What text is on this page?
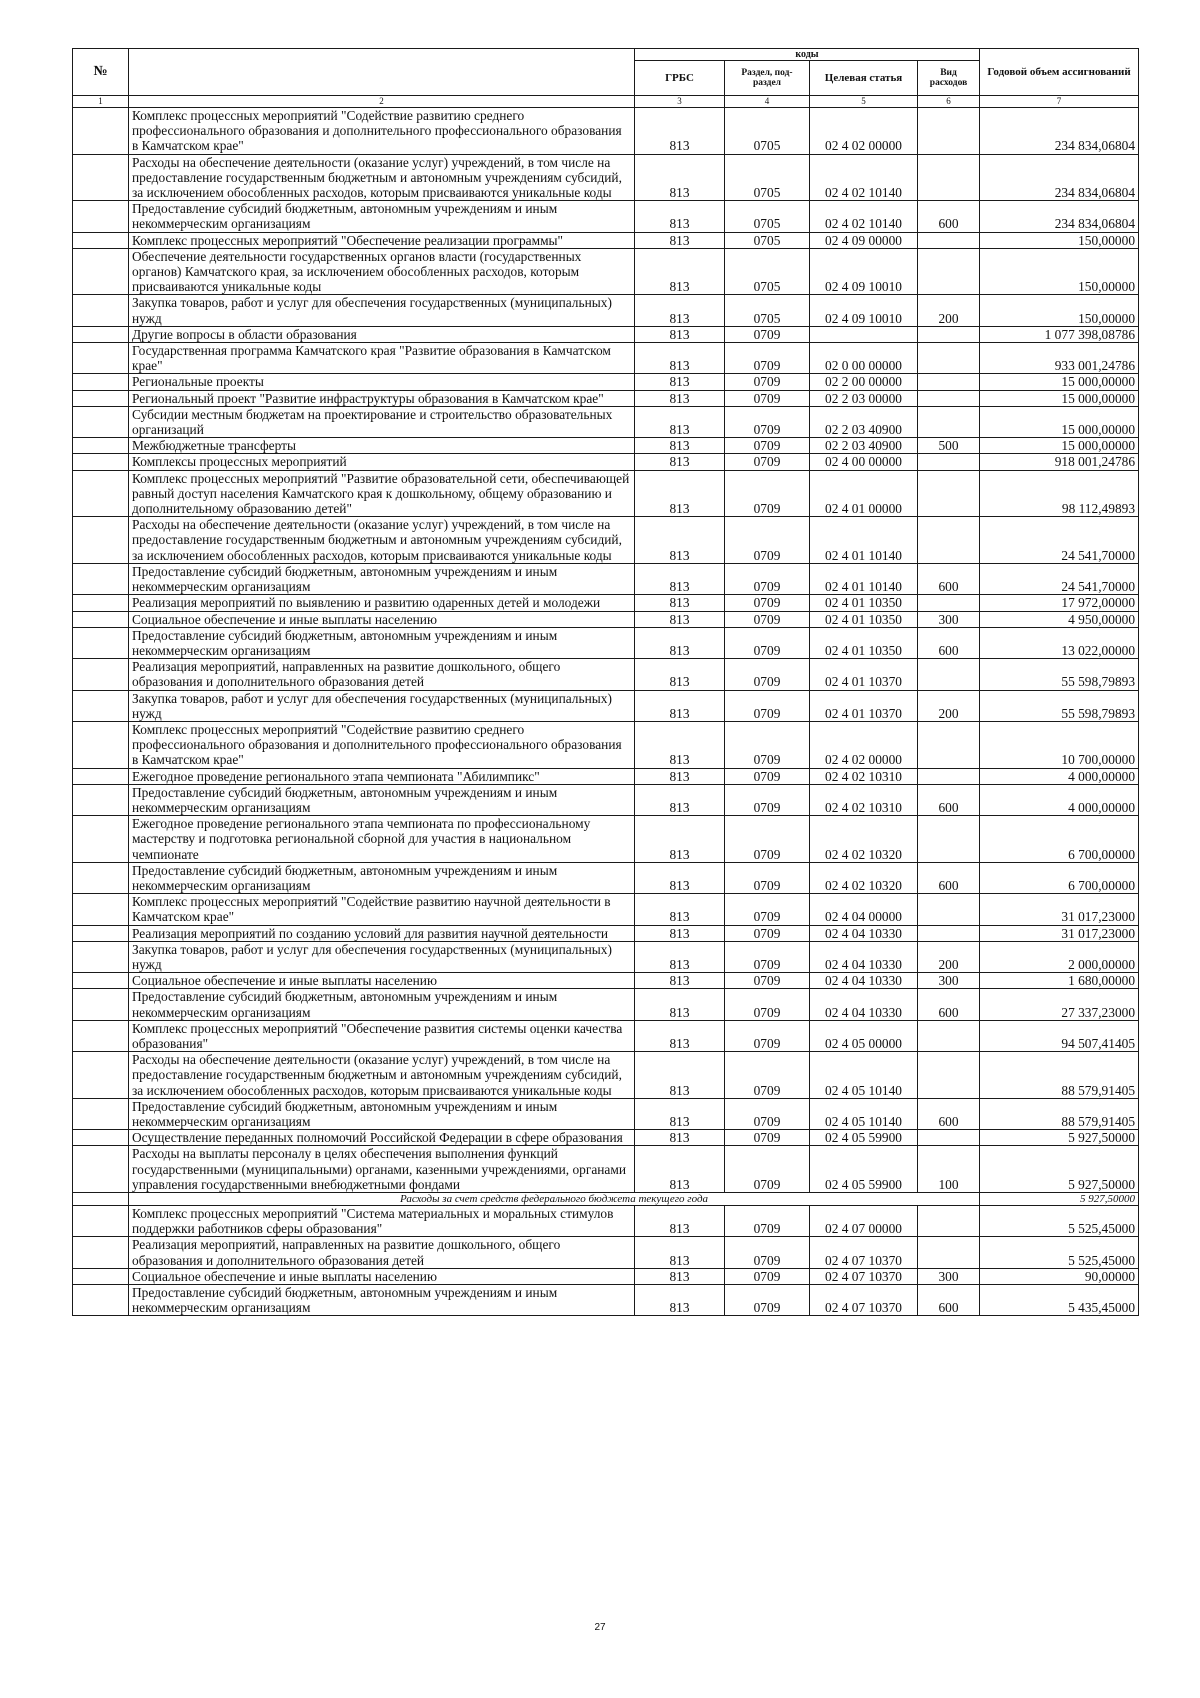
№		коды				Годовой объем ассигнований
		ГРБС	Раздел, под-раздел	Целевая статья	Вид расходов	
1	2	3	4	5	6	7
	Комплекс процессных мероприятий "Содействие развитию среднего профессионального образования и дополнительного профессионального образования в Камчатском крае"	813	0705	02 4 02 00000		234 834,06804
	Расходы на обеспечение деятельности (оказание услуг) учреждений, в том числе на предоставление государственным бюджетным и автономным учреждениям субсидий, за исключением обособленных расходов, которым присваиваются уникальные коды	813	0705	02 4 02 10140		234 834,06804
	Предоставление субсидий бюджетным, автономным учреждениям и иным некоммерческим организациям	813	0705	02 4 02 10140	600	234 834,06804
	Комплекс процессных мероприятий "Обеспечение реализации программы"	813	0705	02 4 09 00000		150,00000
	Обеспечение деятельности государственных органов власти (государственных органов) Камчатского края, за исключением обособленных расходов, которым присваиваются уникальные коды	813	0705	02 4 09 10010		150,00000
	Закупка товаров, работ и услуг для обеспечения государственных (муниципальных) нужд	813	0705	02 4 09 10010	200	150,00000
	Другие вопросы в области образования	813	0709			1 077 398,08786
	Государственная программа Камчатского края "Развитие образования в Камчатском крае"	813	0709	02 0 00 00000		933 001,24786
	Региональные проекты	813	0709	02 2 00 00000		15 000,00000
	Региональный проект "Развитие инфраструктуры образования в Камчатском крае"	813	0709	02 2 03 00000		15 000,00000
	Субсидии местным бюджетам на проектирование и строительство образовательных организаций	813	0709	02 2 03 40900		15 000,00000
	Межбюджетные трансферты	813	0709	02 2 03 40900	500	15 000,00000
	Комплексы процессных мероприятий	813	0709	02 4 00 00000		918 001,24786
	Комплекс процессных мероприятий "Развитие образовательной сети, обеспечивающей равный доступ населения Камчатского края к дошкольному, общему образованию и дополнительному образованию детей"	813	0709	02 4 01 00000		98 112,49893
	Расходы на обеспечение деятельности (оказание услуг) учреждений, в том числе на предоставление государственным бюджетным и автономным учреждениям субсидий, за исключением обособленных расходов, которым присваиваются уникальные коды	813	0709	02 4 01 10140		24 541,70000
	Предоставление субсидий бюджетным, автономным учреждениям и иным некоммерческим организациям	813	0709	02 4 01 10140	600	24 541,70000
	Реализация мероприятий по выявлению и развитию одаренных детей и молодежи	813	0709	02 4 01 10350		17 972,00000
	Социальное обеспечение и иные выплаты населению	813	0709	02 4 01 10350	300	4 950,00000
	Предоставление субсидий бюджетным, автономным учреждениям и иным некоммерческим организациям	813	0709	02 4 01 10350	600	13 022,00000
	Реализация мероприятий, направленных на развитие дошкольного, общего образования и дополнительного образования детей	813	0709	02 4 01 10370		55 598,79893
	Закупка товаров, работ и услуг для обеспечения государственных (муниципальных) нужд	813	0709	02 4 01 10370	200	55 598,79893
	Комплекс процессных мероприятий "Содействие развитию среднего профессионального образования и дополнительного профессионального образования в Камчатском крае"	813	0709	02 4 02 00000		10 700,00000
	Ежегодное проведение регионального этапа чемпионата "Абилимпикс"	813	0709	02 4 02 10310		4 000,00000
	Предоставление субсидий бюджетным, автономным учреждениям и иным некоммерческим организациям	813	0709	02 4 02 10310	600	4 000,00000
	Ежегодное проведение регионального этапа чемпионата по профессиональному мастерству и подготовка региональной сборной для участия в национальном чемпионате	813	0709	02 4 02 10320		6 700,00000
	Предоставление субсидий бюджетным, автономным учреждениям и иным некоммерческим организациям	813	0709	02 4 02 10320	600	6 700,00000
	Комплекс процессных мероприятий "Содействие развитию научной деятельности в Камчатском крае"	813	0709	02 4 04 00000		31 017,23000
	Реализация мероприятий по созданию условий для развития научной деятельности	813	0709	02 4 04 10330		31 017,23000
	Закупка товаров, работ и услуг для обеспечения государственных (муниципальных) нужд	813	0709	02 4 04 10330	200	2 000,00000
	Социальное обеспечение и иные выплаты населению	813	0709	02 4 04 10330	300	1 680,00000
	Предоставление субсидий бюджетным, автономным учреждениям и иным некоммерческим организациям	813	0709	02 4 04 10330	600	27 337,23000
	Комплекс процессных мероприятий "Обеспечение развития системы оценки качества образования"	813	0709	02 4 05 00000		94 507,41405
	Расходы на обеспечение деятельности (оказание услуг) учреждений, в том числе на предоставление государственным бюджетным и автономным учреждениям субсидий, за исключением обособленных расходов, которым присваиваются уникальные коды	813	0709	02 4 05 10140		88 579,91405
	Предоставление субсидий бюджетным, автономным учреждениям и иным некоммерческим организациям	813	0709	02 4 05 10140	600	88 579,91405
	Осуществление переданных полномочий Российской Федерации в сфере образования	813	0709	02 4 05 59900		5 927,50000
	Расходы на выплаты персоналу в целях обеспечения выполнения функций государственными (муниципальными) органами, казенными учреждениями, органами управления государственными внебюджетными фондами	813	0709	02 4 05 59900	100	5 927,50000
	Расходы за счет средств федерального бюджета текущего года					5 927,50000
	Комплекс процессных мероприятий "Система материальных и моральных стимулов поддержки работников сферы образования"	813	0709	02 4 07 00000		5 525,45000
	Реализация мероприятий, направленных на развитие дошкольного, общего образования и дополнительного образования детей	813	0709	02 4 07 10370		5 525,45000
	Социальное обеспечение и иные выплаты населению	813	0709	02 4 07 10370	300	90,00000
	Предоставление субсидий бюджетным, автономным учреждениям и иным некоммерческим организациям	813	0709	02 4 07 10370	600	5 435,45000
27
